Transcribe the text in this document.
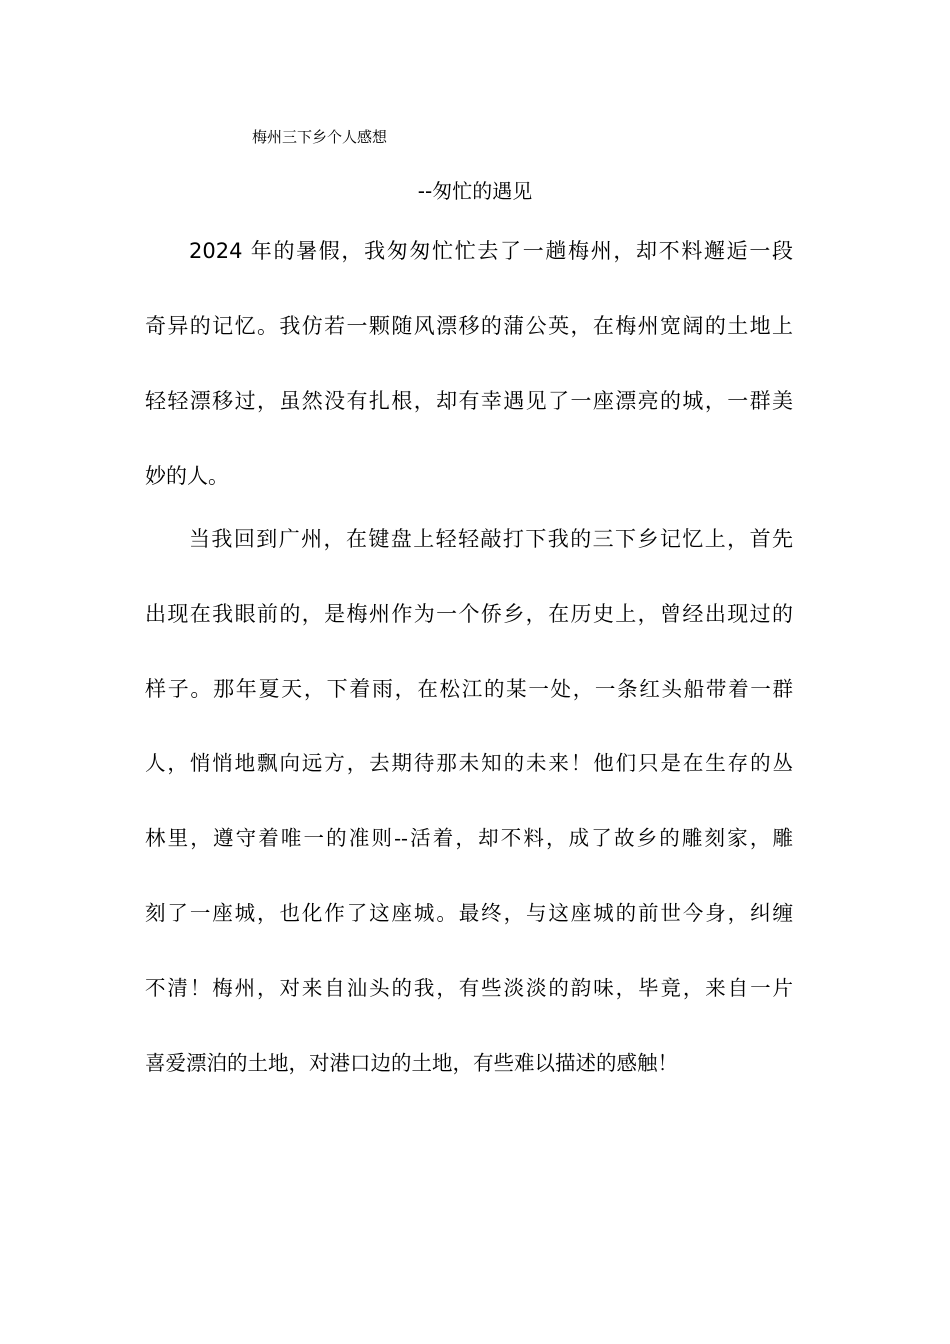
梅州三下乡个人感想
--匆忙的遇见
2024 年的暑假，我匆匆忙忙去了一趟梅州，却不料邂逅一段
奇异的记忆。我仿若一颗随风漂移的蒲公英，在梅州宽阔的土地上
轻轻漂移过，虽然没有扎根，却有幸遇见了一座漂亮的城，一群美
妙的人。
当我回到广州，在键盘上轻轻敲打下我的三下乡记忆上，首先
出现在我眼前的，是梅州作为一个侨乡，在历史上，曾经出现过的
样子。那年夏天，下着雨，在松江的某一处，一条红头船带着一群
人，悄悄地飘向远方，去期待那未知的未来！他们只是在生存的丛
林里，遵守着唯一的准则--活着，却不料，成了故乡的雕刻家，雕
刻了一座城，也化作了这座城。最终，与这座城的前世今身，纠缠
不清！梅州，对来自汕头的我，有些淡淡的韵味，毕竟，来自一片
喜爱漂泊的土地，对港口边的土地，有些难以描述的感触！
